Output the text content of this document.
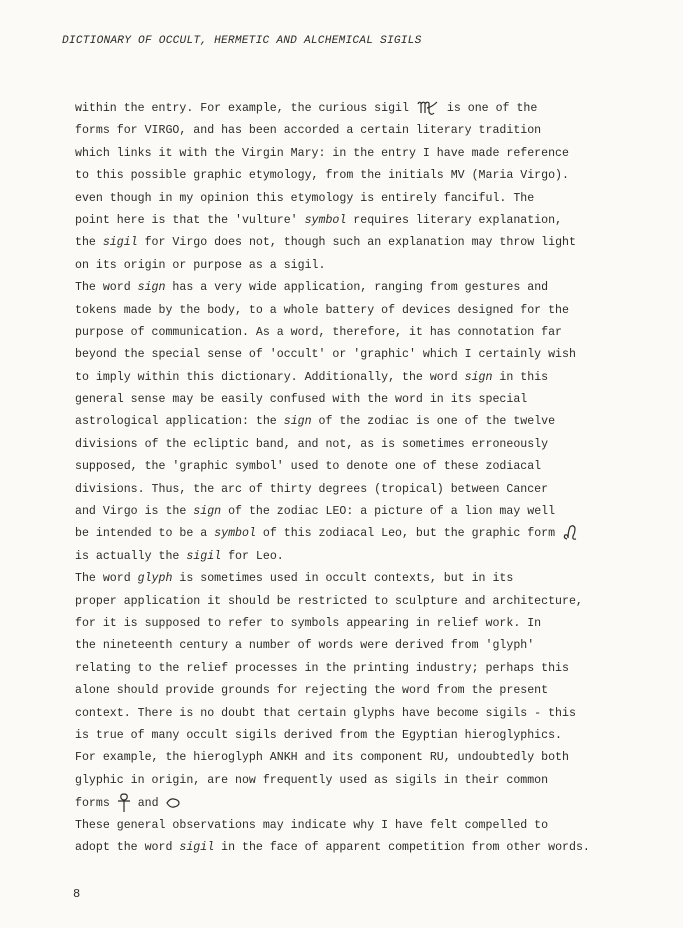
DICTIONARY OF OCCULT, HERMETIC AND ALCHEMICAL SIGILS
within the entry. For example, the curious sigil
is one of the
forms for VIRGO, and has been accorded a certain literary tradition
which links it with the Virgin Mary: in the entry I have made reference
to this possible graphic etymology, from the initials MV (Maria Virgo).
even though in my opinion this etymology is entirely fanciful. The
point here is that the 'vulture' symbol requires literary explanation,
the sigil for Virgo does not, though such an explanation may throw light
on its origin or purpose as a sigil.
The word sign has a very wide application, ranging from gestures and
tokens made by the body, to a whole battery of devices designed for the
purpose of communication. As a word, therefore, it has connotation far
beyond the special sense of 'occult' or 'graphic' which I certainly wish
to imply within this dictionary. Additionally, the word sign in this
general sense may be easily confused with the word in its special
astrological application: the sign of the zodiac is one of the twelve
divisions of the ecliptic band, and not, as is sometimes erroneously
supposed, the 'graphic symbol' used to denote one of these zodiacal
divisions. Thus, the arc of thirty degrees (tropical) between Cancer
and Virgo is the sign of the zodiac LEO: a picture of a lion may well
be intended to be a symbol of this zodiacal Leo, but the graphic form
is actually the sigil for Leo.
The word glyph is sometimes used in occult contexts, but in its
proper application it should be restricted to sculpture and architecture,
for it is supposed to refer to symbols appearing in relief work. In
the nineteenth century a number of words were derived from 'glyph'
relating to the relief processes in the printing industry; perhaps this
alone should provide grounds for rejecting the word from the present
context. There is no doubt that certain glyphs have become sigils - this
is true of many occult sigils derived from the Egyptian hieroglyphics.
For example, the hieroglyph ANKH and its component RU, undoubtedly both
glyphic in origin, are now frequently used as sigils in their common
forms
and
These general observations may indicate why I have felt compelled to
adopt the word sigil in the face of apparent competition from other words.
8
